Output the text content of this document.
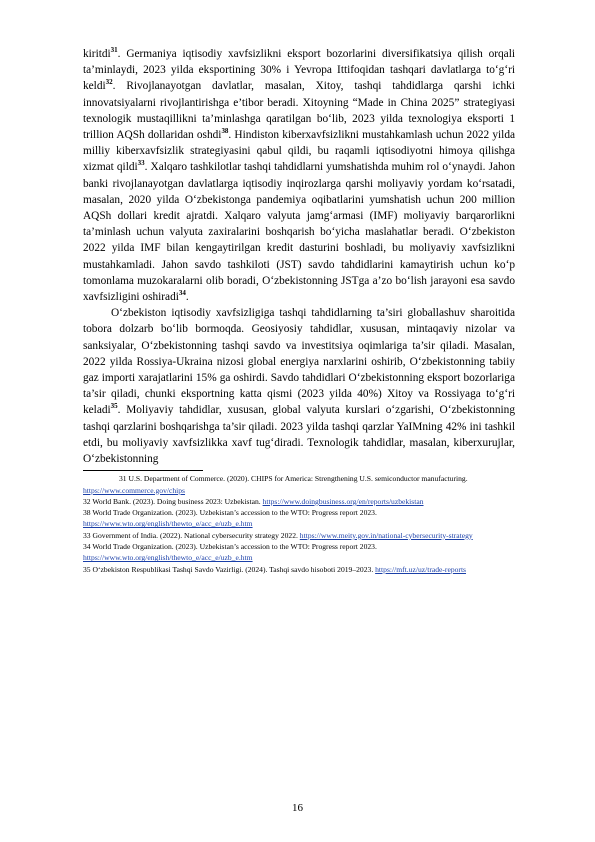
kiritdi$^{31}$. Germaniya iqtisodiy xavfsizlikni eksport bozorlarini diversifikatsiya qilish orqali ta’minlaydi, 2023 yilda eksportining 30% i Yevropa Ittifoqidan tashqari davlatlarga to‘g‘ri keldi$^{32}$. Rivojlanayotgan davlatlar, masalan, Xitoy, tashqi tahdidlarga qarshi ichki innovatsiyalarni rivojlantirishga e’tibor beradi. Xitoyning “Made in China 2025” strategiyasi texnologik mustaqillikni ta’minlashga qaratilgan bo‘lib, 2023 yilda texnologiya eksporti 1 trillion AQSh dollaridan oshdi$^{38}$. Hindiston kiberxavfsizlikni mustahkamlash uchun 2022 yilda milliy kiberxavfsizlik strategiyasini qabul qildi, bu raqamli iqtisodiyotni himoya qilishga xizmat qildi$^{33}$. Xalqaro tashkilotlar tashqi tahdidlarni yumshatishda muhim rol o‘ynaydi. Jahon banki rivojlanayotgan davlatlarga iqtisodiy inqirozlarga qarshi moliyaviy yordam ko‘rsatadi, masalan, 2020 yilda O‘zbekistonga pandemiya oqibatlarini yumshatish uchun 200 million AQSh dollari kredit ajratdi. Xalqaro valyuta jamg‘armasi (IMF) moliyaviy barqarorlikni ta’minlash uchun valyuta zaxiralarini boshqarish bo‘yicha maslahatlar beradi. O‘zbekiston 2022 yilda IMF bilan kengaytirilgan kredit dasturini boshladi, bu moliyaviy xavfsizlikni mustahkamladi. Jahon savdo tashkiloti (JST) savdo tahdidlarini kamaytirish uchun ko‘p tomonlama muzokaralarni olib boradi, O‘zbekistonning JSTga a’zo bo‘lish jarayoni esa savdo xavfsizligini oshiradi$^{34}$.

O‘zbekiston iqtisodiy xavfsizligiga tashqi tahdidlarning ta’siri globallashuv sharoitida tobora dolzarb bo‘lib bormoqda. Geosiyosiy tahdidlar, xususan, mintaqaviy nizolar va sanksiyalar, O‘zbekistonning tashqi savdo va investitsiya oqimlariga ta’sir qiladi. Masalan, 2022 yilda Rossiya-Ukraina nizosi global energiya narxlarini oshirib, O‘zbekistonning tabiiy gaz importi xarajatlarini 15% ga oshirdi. Savdo tahdidlari O‘zbekistonning eksport bozorlariga ta’sir qiladi, chunki eksportning katta qismi (2023 yilda 40%) Xitoy va Rossiyaga to‘g‘ri keladi$^{35}$. Moliyaviy tahdidlar, xususan, global valyuta kurslari o‘zgarishi, O‘zbekistonning tashqi qarzlarini boshqarishga ta’sir qiladi. 2023 yilda tashqi qarzlar YaIMning 42% ini tashkil etdi, bu moliyaviy xavfsizlikka xavf tug‘diradi. Texnologik tahdidlar, masalan, kiberxurujlar, O‘zbekistonning

31 U.S. Department of Commerce. (2020). CHIPS for America: Strengthening U.S. semiconductor manufacturing. https://www.commerce.gov/chips

32 World Bank. (2023). Doing business 2023: Uzbekistan. https://www.doingbusiness.org/en/reports/uzbekistan

38 World Trade Organization. (2023). Uzbekistan’s accession to the WTO: Progress report 2023. https://www.wto.org/english/thewto_e/acc_e/uzb_e.htm

33 Government of India. (2022). National cybersecurity strategy 2022. https://www.meity.gov.in/national-cybersecurity-strategy

34 World Trade Organization. (2023). Uzbekistan’s accession to the WTO: Progress report 2023. https://www.wto.org/english/thewto_e/acc_e/uzb_e.htm

35 O‘zbekiston Respublikasi Tashqi Savdo Vazirligi. (2024). Tashqi savdo hisoboti 2019–2023. https://mft.uz/uz/trade-reports

16
